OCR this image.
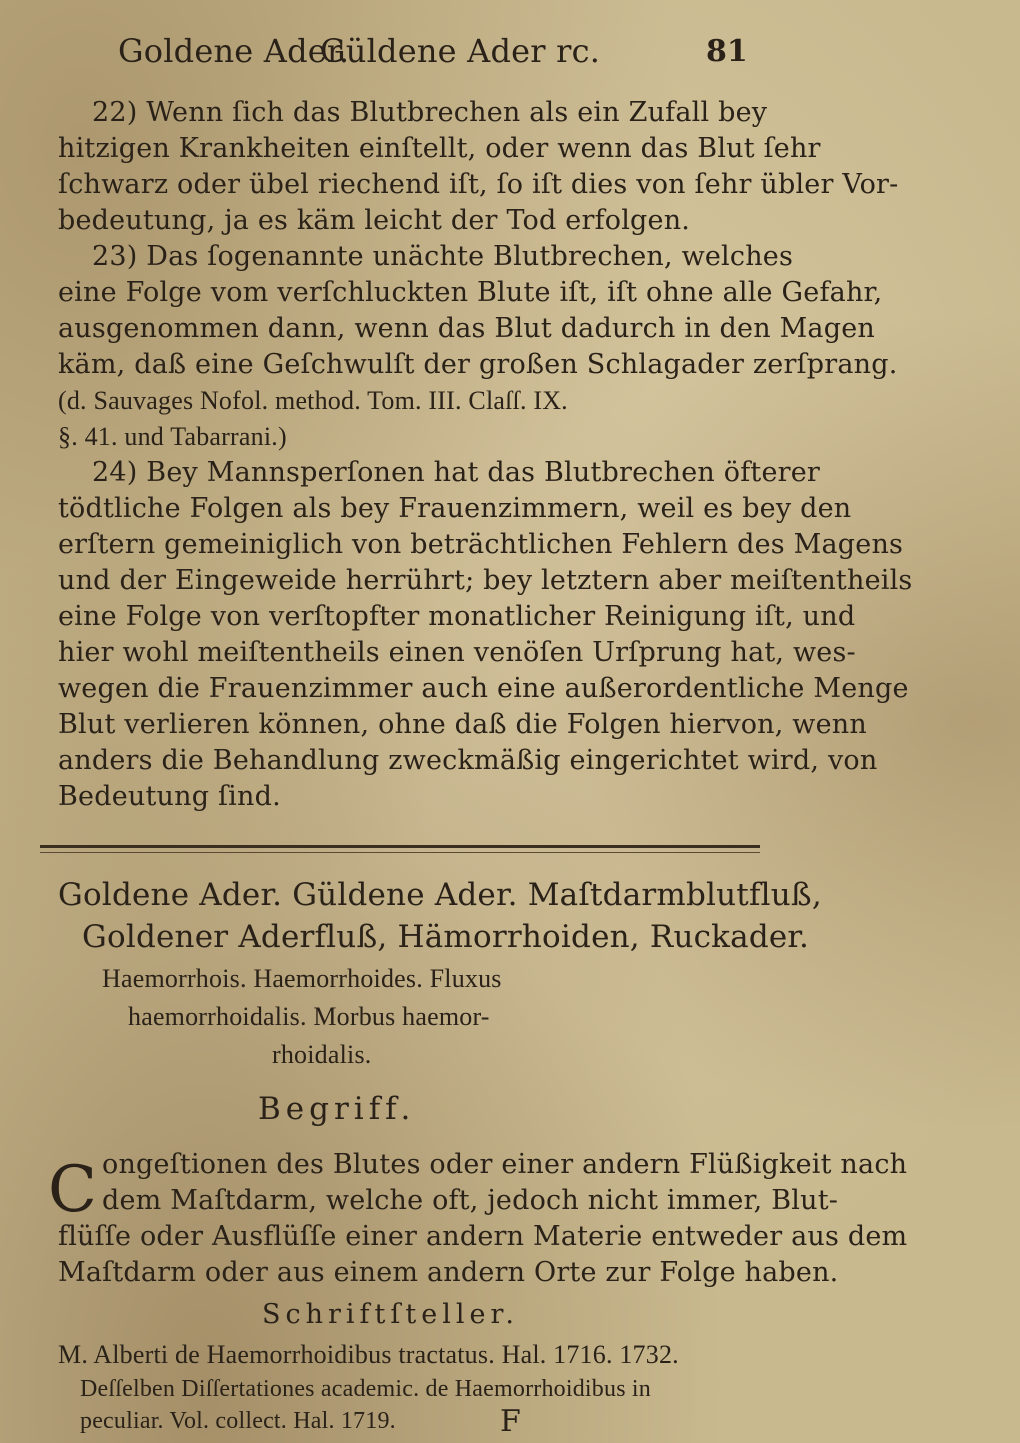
Goldene Ader.
Güldene Ader rc.	81
22) Wenn ſich das Blutbrechen als ein Zufall bey
hitzigen Krankheiten einſtellt, oder wenn das Blut ſehr
ſchwarz oder übel riechend iſt, ſo iſt dies von ſehr übler Vor-
bedeutung, ja es käm leicht der Tod erfolgen.
23) Das ſogenannte unächte Blutbrechen, welches
eine Folge vom verſchluckten Blute iſt, iſt ohne alle Gefahr,
ausgenommen dann, wenn das Blut dadurch in den Magen
käm, daß eine Geſchwulſt der großen Schlagader zerſprang.
(d. Sauvages Nofol. method. Tom. III. Claſſ. IX.
§. 41. und Tabarrani.)
24) Bey Mannsperſonen hat das Blutbrechen öfterer
tödtliche Folgen als bey Frauenzimmern, weil es bey den
erſtern gemeiniglich von beträchtlichen Fehlern des Magens
und der Eingeweide herrührt; bey letztern aber meiſtentheils
eine Folge von verſtopfter monatlicher Reinigung iſt, und
hier wohl meiſtentheils einen venöſen Urſprung hat, wes-
wegen die Frauenzimmer auch eine außerordentliche Menge
Blut verlieren können, ohne daß die Folgen hiervon, wenn
anders die Behandlung zweckmäßig eingerichtet wird, von
Bedeutung ſind.
Goldene Ader. Güldene Ader. Maſtdarmblutfluß,
Goldener Aderfluß, Hämorrhoiden, Ruckader.
Haemorrhois. Haemorrhoides. Fluxus
haemorrhoidalis. Morbus haemor-
rhoidalis.
Begriff.
C ongeſtionen des Blutes oder einer andern Flüßigkeit nach
dem Maſtdarm, welche oft, jedoch nicht immer, Blut-
flüſſe oder Ausflüſſe einer andern Materie entweder aus dem
Maſtdarm oder aus einem andern Orte zur Folge haben.
Schriftſteller.
M. Alberti de Haemorrhoidibus tractatus. Hal. 1716. 1732.
Deſſelben Diſſertationes academic. de Haemorrhoidibus in
peculiar. Vol. collect. Hal. 1719.	F
